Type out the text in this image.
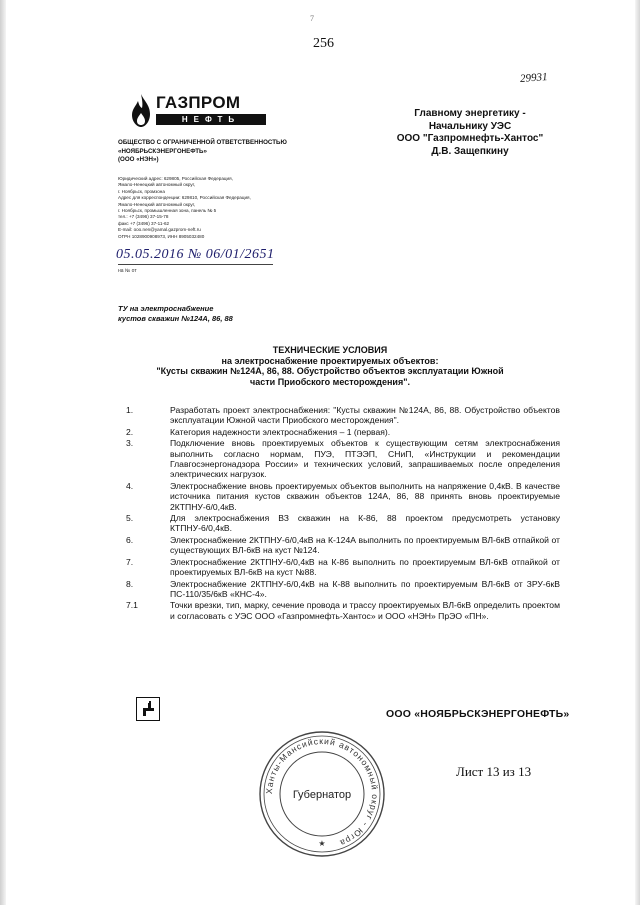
7
256
29931
ГАЗПРОМ
НЕФТЬ
ОБЩЕСТВО С ОГРАНИЧЕННОЙ ОТВЕТСТВЕННОСТЬЮ
«НОЯБРЬСКЭНЕРГОНЕФТЬ»
(ООО «НЭН»)
Юридический адрес: 629805, Российская Федерация,
Ямало-Ненецкий автономный округ,
г. Ноябрьск, промзона
Адрес для корреспонденции: 629810, Российская Федерация,
Ямало-Ненецкий автономный округ,
г. Ноябрьск, промышленная зона, панель № 5
тел.: +7 (3496) 37-15-78
факс +7 (3496) 37-11-62
E-mail: ooo.nen@yamal.gazprom-neft.ru
ОГРН 1028900908973, ИНН 8905032480
05.05.2016 № 06/01/2651
на № от
Главному энергетику -
Начальнику УЭС
ООО "Газпромнефть-Хантос"
Д.В. Защепкину
ТУ на электроснабжение
кустов скважин №124А, 86, 88
ТЕХНИЧЕСКИЕ УСЛОВИЯ
на электроснабжение проектируемых объектов:
"Кусты скважин №124А, 86, 88. Обустройство объектов эксплуатации Южной
части Приобского месторождения".
1.	Разработать проект электроснабжения: "Кусты скважин №124А, 86, 88. Обустройство объектов эксплуатации Южной части Приобского месторождения".
2.	Категория надежности электроснабжения – 1 (первая).
3.	Подключение вновь проектируемых объектов к существующим сетям электроснабжения выполнить согласно нормам, ПУЭ, ПТЭЭП, СНиП, «Инструкции и рекомендации Главгосэнергонадзора России» и технических условий, запрашиваемых после определения электрических нагрузок.
4.	Электроснабжение вновь проектируемых объектов выполнить на напряжение 0,4кВ. В качестве источника питания кустов скважин объектов 124А, 86, 88 принять вновь проектируемые 2КТПНУ-6/0,4кВ.
5.	Для электроснабжения ВЗ скважин на К-86, 88 проектом предусмотреть установку КТПНУ-6/0,4кВ.
6.	Электроснабжение 2КТПНУ-6/0,4кВ на К-124А выполнить по проектируемым ВЛ-6кВ отпайкой от существующих ВЛ-6кВ на куст №124.
7.	Электроснабжение 2КТПНУ-6/0,4кВ на К-86 выполнить по проектируемым ВЛ-6кВ отпайкой от проектируемых ВЛ-6кВ на куст №88.
8.	Электроснабжение 2КТПНУ-6/0,4кВ на К-88 выполнить по проектируемым ВЛ-6кВ от ЗРУ-6кВ ПС-110/35/6кВ «КНС-4».
7.1	Точки врезки, тип, марку, сечение провода и трассу проектируемых ВЛ-6кВ определить проектом и согласовать с УЭС ООО «Газпромнефть-Хантос» и ООО «НЭН» ПрЭО «ПН».
ООО «НОЯБРЬСКЭНЕРГОНЕФТЬ»
Ханты-Мансийский автономный округ - Югра
Губернатор
★
Лист 13 из 13
